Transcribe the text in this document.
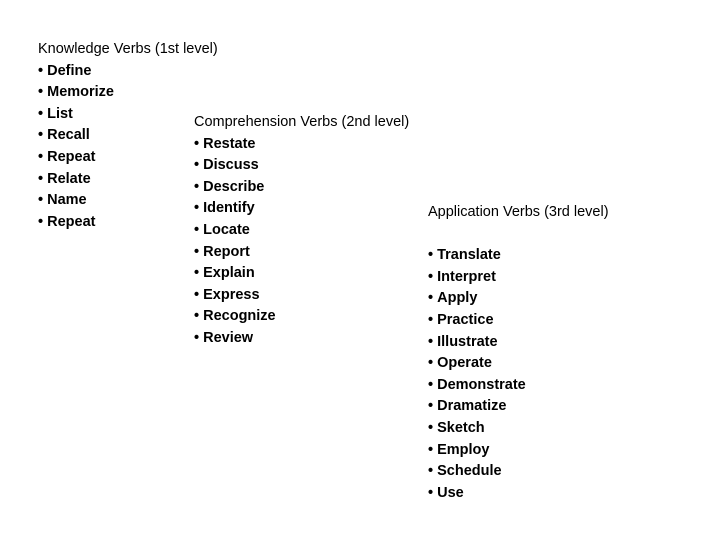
Knowledge Verbs (1st level)
• Define
• Memorize
• List
• Recall
• Repeat
• Relate
• Name
• Repeat
Comprehension Verbs (2nd level)
• Restate
• Discuss
• Describe
• Identify
• Locate
• Report
• Explain
• Express
• Recognize
• Review
Application Verbs (3rd level)
• Translate
• Interpret
• Apply
• Practice
• Illustrate
• Operate
• Demonstrate
• Dramatize
• Sketch
• Employ
• Schedule
• Use
